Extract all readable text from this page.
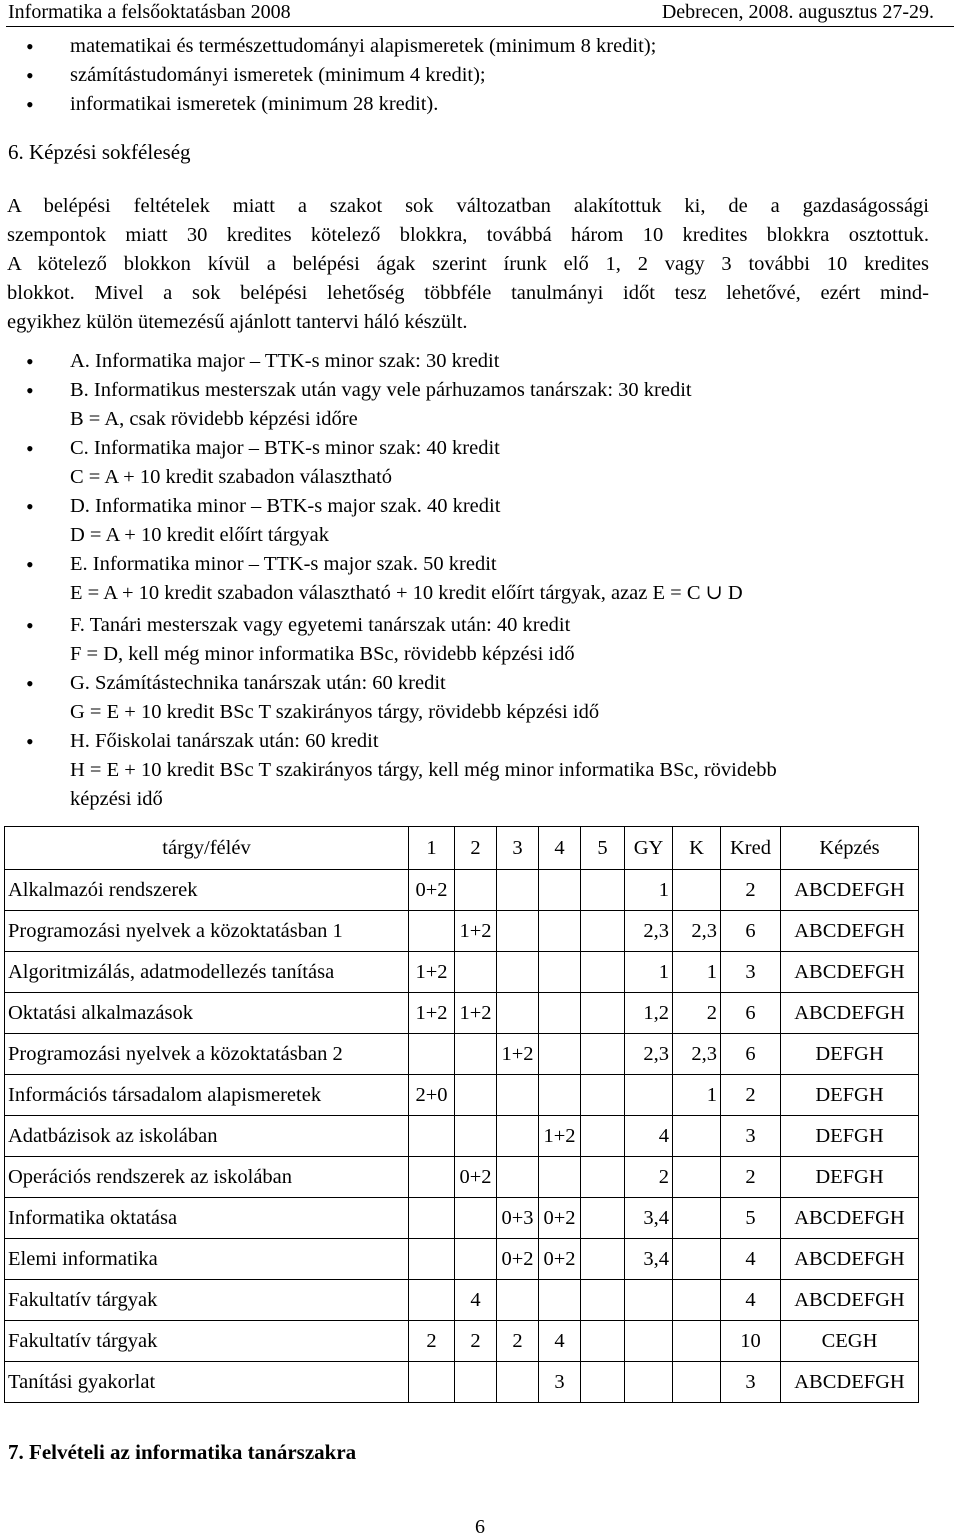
Informatika a felsőoktatásban 2008	Debrecen, 2008. augusztus 27-29.
• matematikai és természettudományi alapismeretek (minimum 8 kredit);
• számítástudományi ismeretek (minimum 4 kredit);
• informatikai ismeretek (minimum 28 kredit).
6. Képzési sokféleség
A belépési feltételek miatt a szakot sok változatban alakítottuk ki, de a gazdaságossági
szempontok miatt 30 kredites kötelező blokkra, továbbá három 10 kredites blokkra osztottuk.
A kötelező blokkon kívül a belépési ágak szerint írunk elő 1, 2 vagy 3 további 10 kredites
blokkot. Mivel a sok belépési lehetőség többféle tanulmányi időt tesz lehetővé, ezért mind-
egyikhez külön ütemezésű ajánlott tantervi háló készült.
• A. Informatika major – TTK-s minor szak: 30 kredit
• B. Informatikus mesterszak után vagy vele párhuzamos tanárszak: 30 kredit
B = A, csak rövidebb képzési időre
• C. Informatika major – BTK-s minor szak: 40 kredit
C = A + 10 kredit szabadon választható
• D. Informatika minor – BTK-s major szak. 40 kredit
D = A + 10 kredit előírt tárgyak
• E. Informatika minor – TTK-s major szak. 50 kredit
E = A + 10 kredit szabadon választható + 10 kredit előírt tárgyak, azaz E = C ∪ D
• F. Tanári mesterszak vagy egyetemi tanárszak után: 40 kredit
F = D, kell még minor informatika BSc, rövidebb képzési idő
• G. Számítástechnika tanárszak után: 60 kredit
G = E + 10 kredit BSc T szakirányos tárgy, rövidebb képzési idő
• H. Főiskolai tanárszak után: 60 kredit
H = E + 10 kredit BSc T szakirányos tárgy, kell még minor informatika BSc, rövidebb
képzési idő
tárgy/félév	1	2	3	4	5	GY	K	Kred	Képzés
Alkalmazói rendszerek	0+2					1		2	ABCDEFGH
Programozási nyelvek a közoktatásban 1		1+2				2,3	2,3	6	ABCDEFGH
Algoritmizálás, adatmodellezés tanítása	1+2					1	1	3	ABCDEFGH
Oktatási alkalmazások	1+2	1+2				1,2	2	6	ABCDEFGH
Programozási nyelvek a közoktatásban 2			1+2			2,3	2,3	6	DEFGH
Információs társadalom alapismeretek	2+0						1	2	DEFGH
Adatbázisok az iskolában				1+2		4		3	DEFGH
Operációs rendszerek az iskolában		0+2				2		2	DEFGH
Informatika oktatása			0+3	0+2		3,4		5	ABCDEFGH
Elemi informatika			0+2	0+2		3,4		4	ABCDEFGH
Fakultatív tárgyak		4						4	ABCDEFGH
Fakultatív tárgyak	2	2	2	4				10	CEGH
Tanítási gyakorlat				3				3	ABCDEFGH
7. Felvételi az informatika tanárszakra
6
